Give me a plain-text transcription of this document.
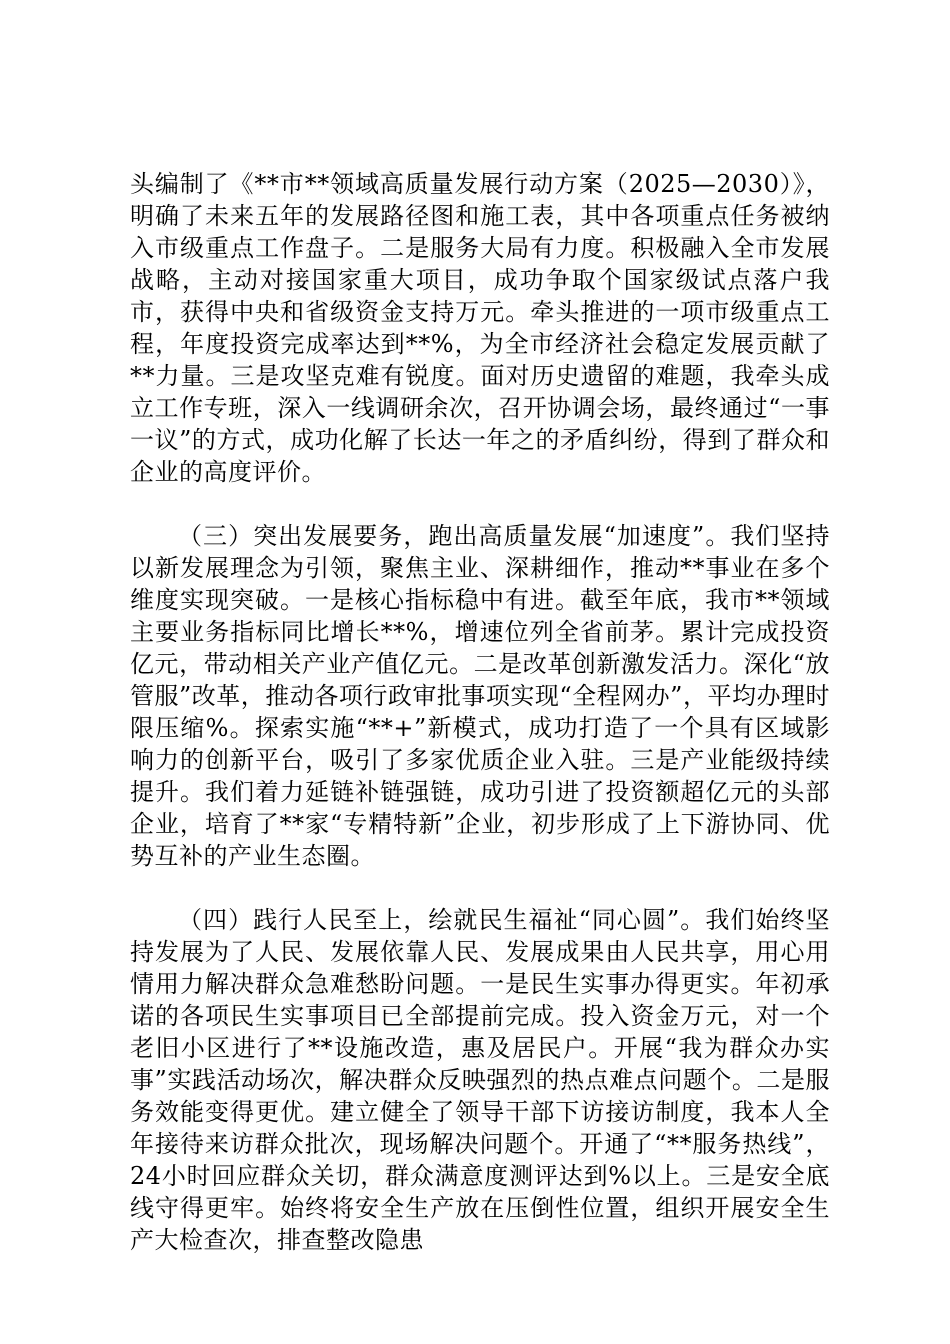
头编制了《**市**领域高质量发展行动方案（2025—2030）》，明确了未来五年的发展路径图和施工表，其中各项重点任务被纳入市级重点工作盘子。二是服务大局有力度。积极融入全市发展战略，主动对接国家重大项目，成功争取个国家级试点落户我市，获得中央和省级资金支持万元。牵头推进的一项市级重点工程，年度投资完成率达到**%，为全市经济社会稳定发展贡献了**力量。三是攻坚克难有锐度。面对历史遗留的难题，我牵头成立工作专班，深入一线调研余次，召开协调会场，最终通过“一事一议”的方式，成功化解了长达一年之的矛盾纠纷，得到了群众和企业的高度评价。

（三）突出发展要务，跑出高质量发展“加速度”。我们坚持以新发展理念为引领，聚焦主业、深耕细作，推动**事业在多个维度实现突破。一是核心指标稳中有进。截至年底，我市**领域主要业务指标同比增长**%，增速位列全省前茅。累计完成投资亿元，带动相关产业产值亿元。二是改革创新激发活力。深化“放管服”改革，推动各项行政审批事项实现“全程网办”，平均办理时限压缩%。探索实施“**+”新模式，成功打造了一个具有区域影响力的创新平台，吸引了多家优质企业入驻。三是产业能级持续提升。我们着力延链补链强链，成功引进了投资额超亿元的头部企业，培育了**家“专精特新”企业，初步形成了上下游协同、优势互补的产业生态圈。

（四）践行人民至上，绘就民生福祉“同心圆”。我们始终坚持发展为了人民、发展依靠人民、发展成果由人民共享，用心用情用力解决群众急难愁盼问题。一是民生实事办得更实。年初承诺的各项民生实事项目已全部提前完成。投入资金万元，对一个老旧小区进行了**设施改造，惠及居民户。开展“我为群众办实事”实践活动场次，解决群众反映强烈的热点难点问题个。二是服务效能变得更优。建立健全了领导干部下访接访制度，我本人全年接待来访群众批次，现场解决问题个。开通了“**服务热线”，24小时回应群众关切，群众满意度测评达到%以上。三是安全底线守得更牢。始终将安全生产放在压倒性位置，组织开展安全生产大检查次，排查整改隐患
